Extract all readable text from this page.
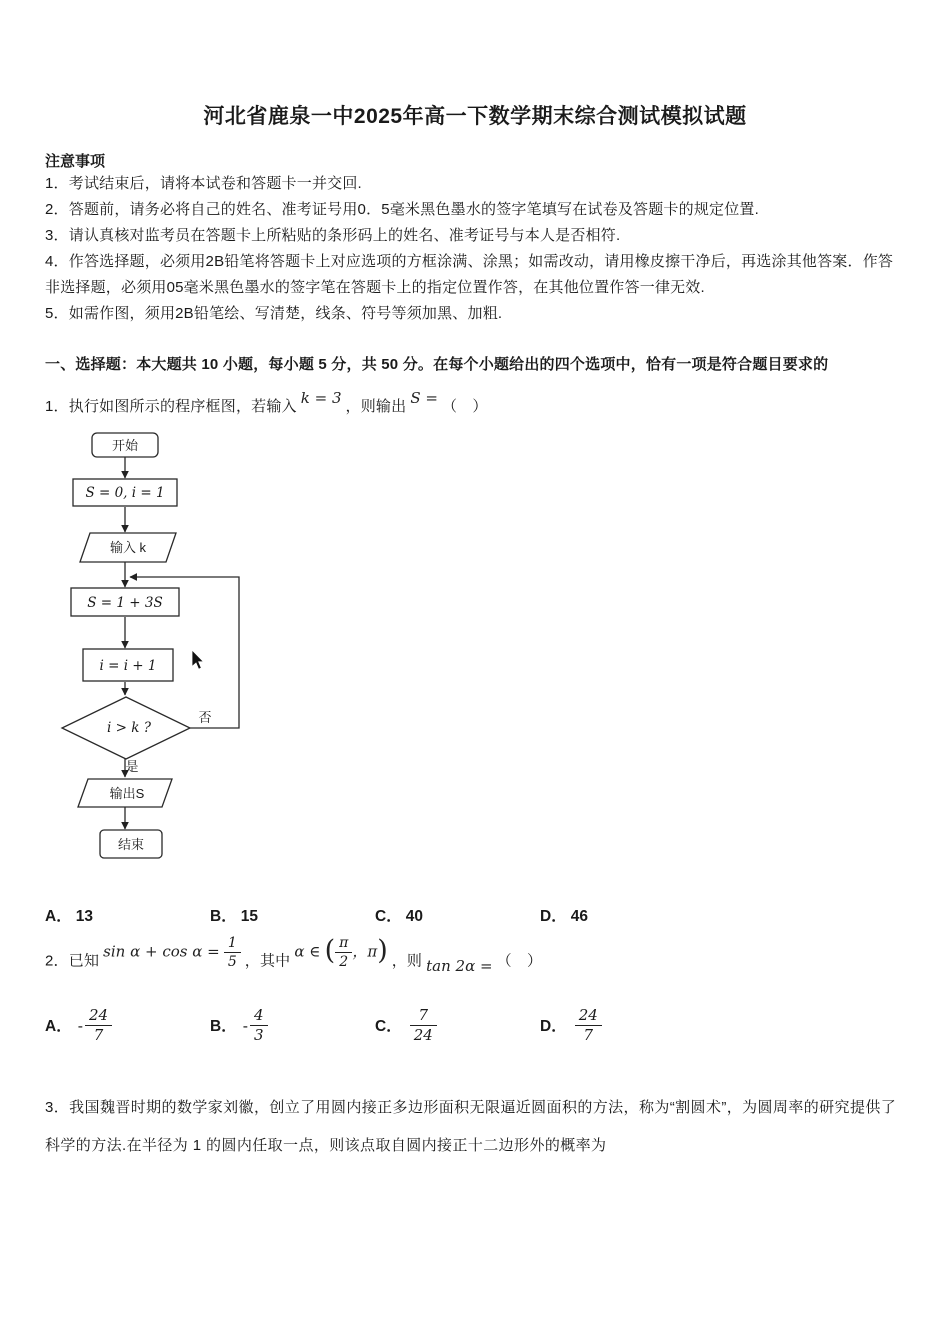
河北省鹿泉一中2025年高一下数学期末综合测试模拟试题
注意事项

1．考试结束后，请将本试卷和答题卡一并交回.

2．答题前，请务必将自己的姓名、准考证号用0．5毫米黑色墨水的签字笔填写在试卷及答题卡的规定位置.

3．请认真核对监考员在答题卡上所粘贴的条形码上的姓名、准考证号与本人是否相符.

4．作答选择题，必须用2B铅笔将答题卡上对应选项的方框涂满、涂黑；如需改动，请用橡皮擦干净后，再选涂其他答案．作答非选择题，必须用05毫米黑色墨水的签字笔在答题卡上的指定位置作答，在其他位置作答一律无效.

5．如需作图，须用2B铅笔绘、写清楚，线条、符号等须加黑、加粗.

一、选择题：本大题共 10 小题，每小题 5 分，共 50 分。在每个小题给出的四个选项中，恰有一项是符合题目要求的

1．执行如图所示的程序框图，若输入 k = 3 ，则输出 S = （　）
开始
S = 0, i = 1
输入 k
S = 1 + 3S
i = i + 1
i > k ?
否
是
输出S
结束
A． 13	B． 15	C． 40	D． 46
2．已知$\sin \alpha + \cos \alpha = \frac{1}{5}$ ，其中α ∈ ( $\frac{\pi}{2}$ ，π) ，则 tan 2α = （　）
A． - $\frac{24}{7}$	B． - $\frac{4}{3}$	C． $\frac{7}{24}$	D． $\frac{24}{7}$

3．我国魏晋时期的数学家刘徽，创立了用圆内接正多边形面积无限逼近圆面积的方法，称为“割圆术”，为圆周率的研究提供了科学的方法.在半径为 1 的圆内任取一点，则该点取自圆内接正十二边形外的概率为
